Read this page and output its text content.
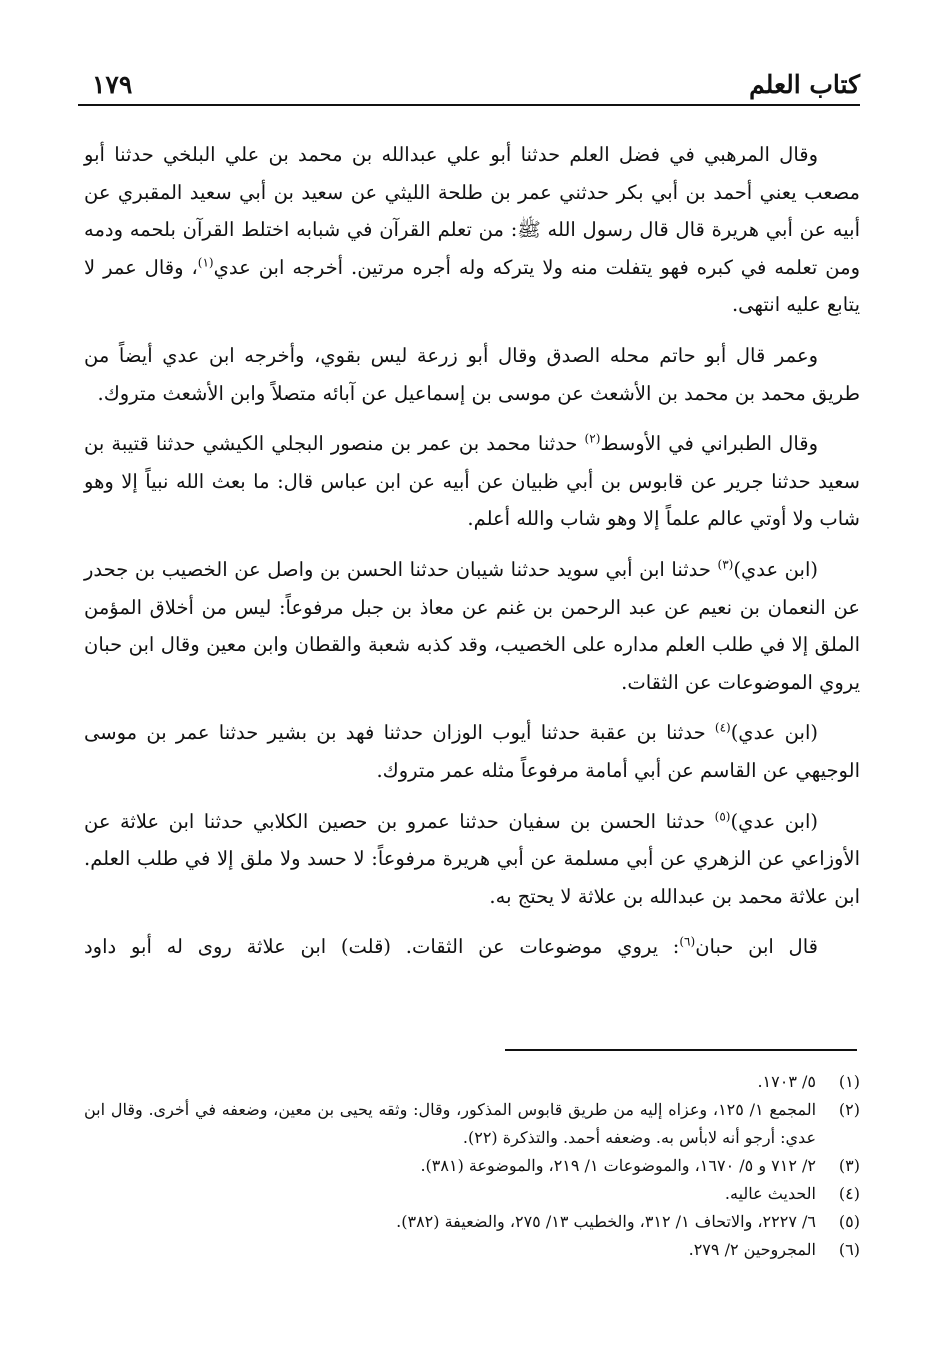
كتاب العلم
١٧٩

وقال المرهبي في فضل العلم حدثنا أبو علي عبدالله بن محمد بن علي البلخي حدثنا أبو مصعب يعني أحمد بن أبي بكر حدثني عمر بن طلحة الليثي عن سعيد بن أبي سعيد المقبري عن أبيه عن أبي هريرة قال قال رسول الله ﷺ: من تعلم القرآن في شبابه اختلط القرآن بلحمه ودمه ومن تعلمه في كبره فهو يتفلت منه ولا يتركه وله أجره مرتين. أخرجه ابن عدي$^{(١)}$، وقال عمر لا يتابع عليه انتهى.

وعمر قال أبو حاتم محله الصدق وقال أبو زرعة ليس بقوي، وأخرجه ابن عدي أيضاً من طريق محمد بن محمد بن الأشعث عن موسى بن إسماعيل عن آبائه متصلاً وابن الأشعث متروك.

وقال الطبراني في الأوسط$^{(٢)}$ حدثنا محمد بن عمر بن منصور البجلي الكيشي حدثنا قتيبة بن سعيد حدثنا جرير عن قابوس بن أبي ظبيان عن أبيه عن ابن عباس قال: ما بعث الله نبياً إلا وهو شاب ولا أوتي عالم علماً إلا وهو شاب والله أعلم.

(ابن عدي)$^{(٣)}$ حدثنا ابن أبي سويد حدثنا شيبان حدثنا الحسن بن واصل عن الخصيب بن جحدر عن النعمان بن نعيم عن عبد الرحمن بن غنم عن معاذ بن جبل مرفوعاً: ليس من أخلاق المؤمن الملق إلا في طلب العلم مداره على الخصيب، وقد كذبه شعبة والقطان وابن معين وقال ابن حبان يروي الموضوعات عن الثقات.

(ابن عدي)$^{(٤)}$ حدثنا بن عقبة حدثنا أيوب الوزان حدثنا فهد بن بشير حدثنا عمر بن موسى الوجيهي عن القاسم عن أبي أمامة مرفوعاً مثله عمر متروك.

(ابن عدي)$^{(٥)}$ حدثنا الحسن بن سفيان حدثنا عمرو بن حصين الكلابي حدثنا ابن علاثة عن الأوزاعي عن الزهري عن أبي مسلمة عن أبي هريرة مرفوعاً: لا حسد ولا ملق إلا في طلب العلم. ابن علاثة محمد بن عبدالله بن علاثة لا يحتج به.

قال ابن حبان$^{(٦)}$: يروي موضوعات عن الثقات. (قلت) ابن علاثة روى له أبو داود

(١)
٥/ ١٧٠٣.
(٢)
المجمع ١/ ١٢٥، وعزاه إليه من طريق قابوس المذكور، وقال: وثقه يحيى بن معين، وضعفه في أخرى. وقال ابن عدي: أرجو أنه لابأس به. وضعفه أحمد. والتذكرة (٢٢).
(٣)
٢/ ٧١٢ و ٥/ ١٦٧٠، والموضوعات ١/ ٢١٩، والموضوعة (٣٨١).
(٤)
الحديث عاليه.
(٥)
٦/ ٢٢٢٧، والاتحاف ١/ ٣١٢، والخطيب ١٣/ ٢٧٥، والضعيفة (٣٨٢).
(٦)
المجروحين ٢/ ٢٧٩.
